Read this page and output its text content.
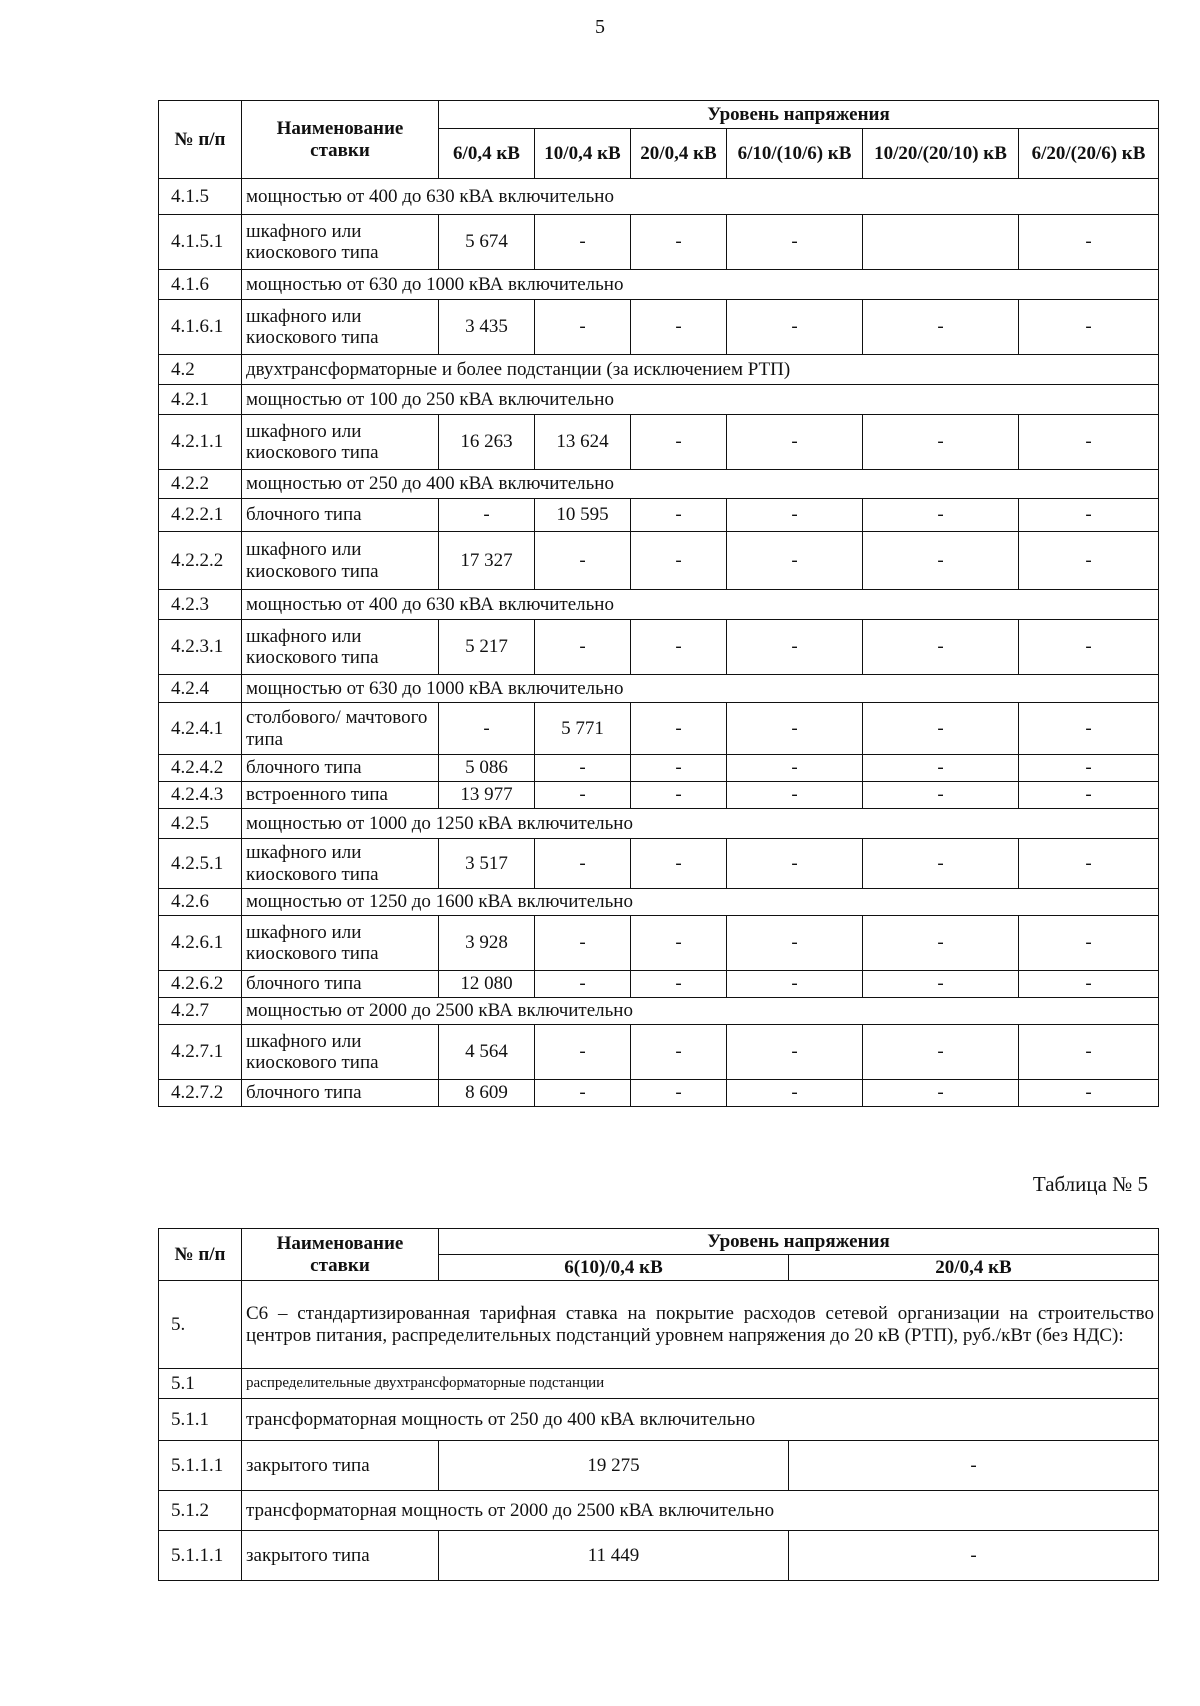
5
№ п/п	Наименование ставки	Уровень напряжения					
		6/0,4 кВ	10/0,4 кВ	20/0,4 кВ	6/10/(10/6) кВ	10/20/(20/10) кВ	6/20/(20/6) кВ
4.1.5	мощностью от 400 до 630 кВА включительно						
4.1.5.1	шкафного или киоскового типа	5 674	-	-	-		-
4.1.6	мощностью от 630 до 1000 кВА включительно						
4.1.6.1	шкафного или киоскового типа	3 435	-	-	-	-	-
4.2	двухтрансформаторные и более подстанции (за исключением РТП)						
4.2.1	мощностью от 100 до 250 кВА включительно						
4.2.1.1	шкафного или киоскового типа	16 263	13 624	-	-	-	-
4.2.2	мощностью от 250 до 400 кВА включительно						
4.2.2.1	блочного типа	-	10 595	-	-	-	-
4.2.2.2	шкафного или киоскового типа	17 327	-	-	-	-	-
4.2.3	мощностью от 400 до 630 кВА включительно						
4.2.3.1	шкафного или киоскового типа	5 217	-	-	-	-	-
4.2.4	мощностью от 630 до 1000 кВА включительно						
4.2.4.1	столбового/ мачтового типа	-	5 771	-	-	-	-
4.2.4.2	блочного типа	5 086	-	-	-	-	-
4.2.4.3	встроенного типа	13 977	-	-	-	-	-
4.2.5	мощностью от 1000 до 1250 кВА включительно						
4.2.5.1	шкафного или киоскового типа	3 517	-	-	-	-	-
4.2.6	мощностью от 1250 до 1600 кВА включительно						
4.2.6.1	шкафного или киоскового типа	3 928	-	-	-	-	-
4.2.6.2	блочного типа	12 080	-	-	-	-	-
4.2.7	мощностью от 2000 до 2500 кВА включительно						
4.2.7.1	шкафного или киоскового типа	4 564	-	-	-	-	-
4.2.7.2	блочного типа	8 609	-	-	-	-	-
Таблица № 5
№ п/п	Наименование ставки	Уровень напряжения	
		6(10)/0,4 кВ	20/0,4 кВ
5.	С6 – стандартизированная тарифная ставка на покрытие расходов сетевой организации на строительство центров питания, распределительных подстанций уровнем напряжения до 20 кВ (РТП), руб./кВт (без НДС):		
5.1	распределительные двухтрансформаторные подстанции		
5.1.1	трансформаторная мощность от 250 до 400 кВА включительно		
5.1.1.1	закрытого типа	19 275	-
5.1.2	трансформаторная мощность от 2000 до 2500 кВА включительно		
5.1.1.1	закрытого типа	11 449	-
